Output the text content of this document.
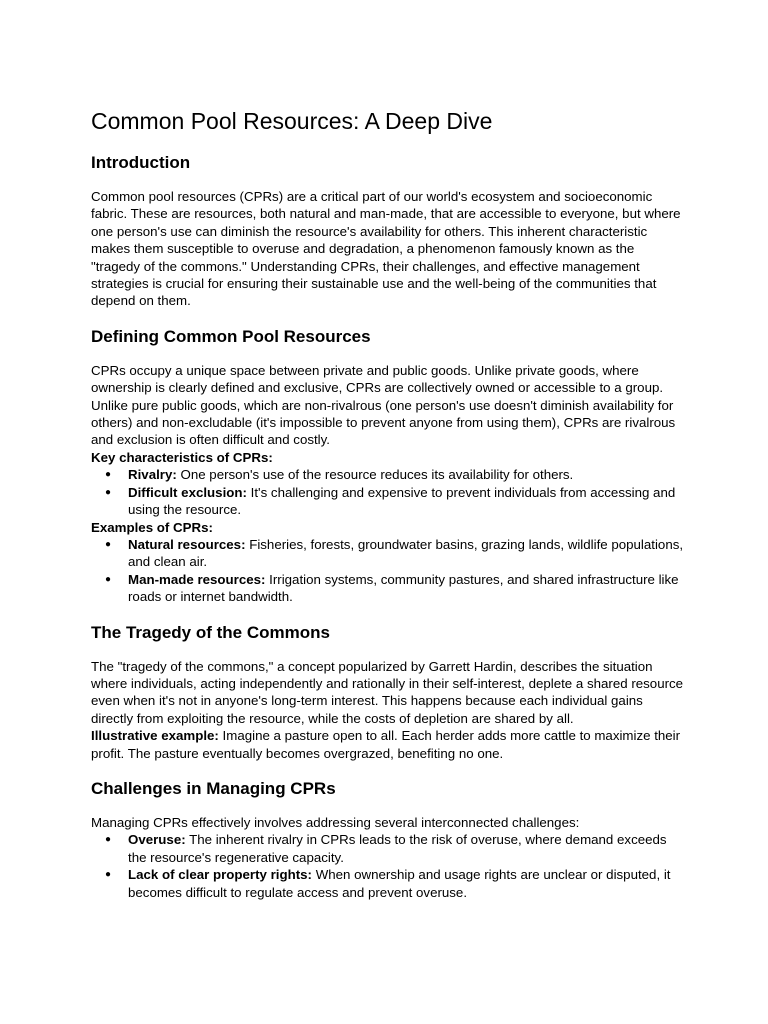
Common Pool Resources: A Deep Dive
Introduction

Common pool resources (CPRs) are a critical part of our world's ecosystem and socioeconomic fabric. These are resources, both natural and man-made, that are accessible to everyone, but where one person's use can diminish the resource's availability for others. This inherent characteristic makes them susceptible to overuse and degradation, a phenomenon famously known as the "tragedy of the commons." Understanding CPRs, their challenges, and effective management strategies is crucial for ensuring their sustainable use and the well-being of the communities that depend on them.

Defining Common Pool Resources

CPRs occupy a unique space between private and public goods. Unlike private goods, where ownership is clearly defined and exclusive, CPRs are collectively owned or accessible to a group. Unlike pure public goods, which are non-rivalrous (one person's use doesn't diminish availability for others) and non-excludable (it's impossible to prevent anyone from using them), CPRs are rivalrous and exclusion is often difficult and costly.

Key characteristics of CPRs:

● Rivalry: One person's use of the resource reduces its availability for others.
● Difficult exclusion: It's challenging and expensive to prevent individuals from accessing and using the resource.

Examples of CPRs:

● Natural resources: Fisheries, forests, groundwater basins, grazing lands, wildlife populations, and clean air.
● Man-made resources: Irrigation systems, community pastures, and shared infrastructure like roads or internet bandwidth.
The Tragedy of the Commons

The "tragedy of the commons," a concept popularized by Garrett Hardin, describes the situation where individuals, acting independently and rationally in their self-interest, deplete a shared resource even when it's not in anyone's long-term interest. This happens because each individual gains directly from exploiting the resource, while the costs of depletion are shared by all.

Illustrative example: Imagine a pasture open to all. Each herder adds more cattle to maximize their profit. The pasture eventually becomes overgrazed, benefiting no one.

Challenges in Managing CPRs

Managing CPRs effectively involves addressing several interconnected challenges:

● Overuse: The inherent rivalry in CPRs leads to the risk of overuse, where demand exceeds the resource's regenerative capacity.
● Lack of clear property rights: When ownership and usage rights are unclear or disputed, it becomes difficult to regulate access and prevent overuse.
